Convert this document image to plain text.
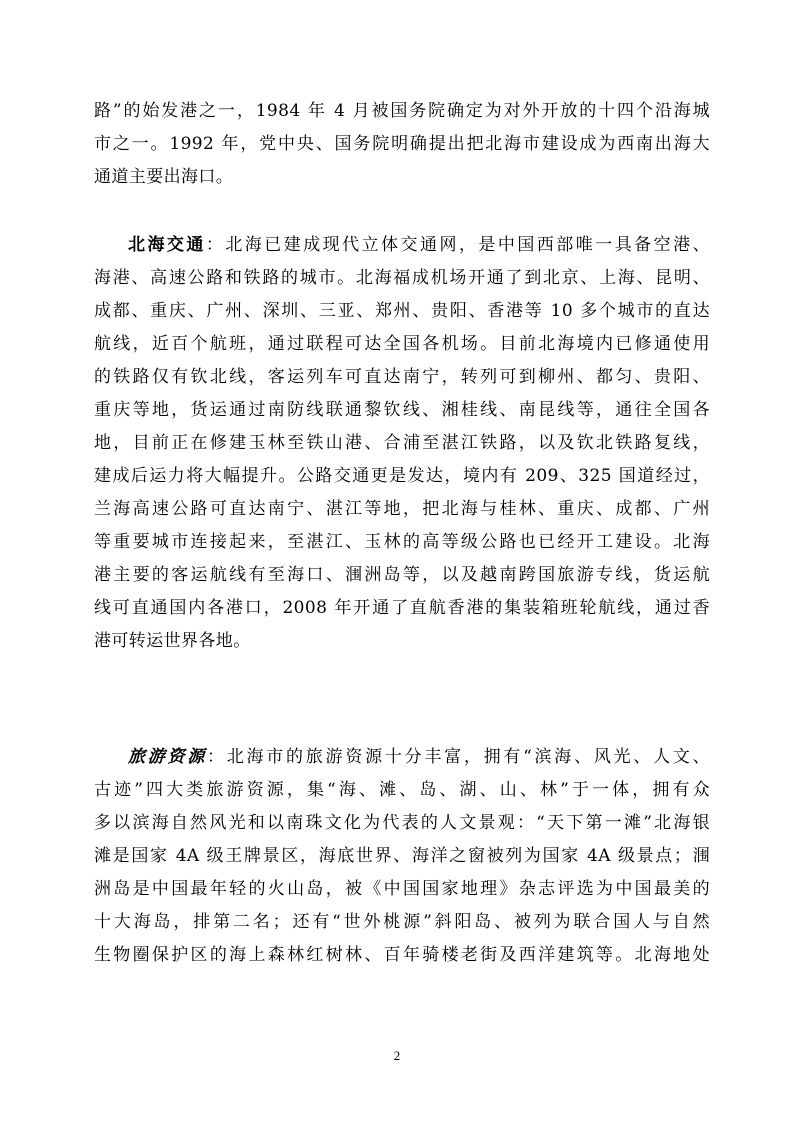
路”的始发港之一，1984 年 4 月被国务院确定为对外开放的十四个沿海城
市之一。1992 年，党中央、国务院明确提出把北海市建设成为西南出海大
通道主要出海口。
北海交通：北海已建成现代立体交通网，是中国西部唯一具备空港、
海港、高速公路和铁路的城市。北海福成机场开通了到北京、上海、昆明、
成都、重庆、广州、深圳、三亚、郑州、贵阳、香港等 10 多个城市的直达
航线，近百个航班，通过联程可达全国各机场。目前北海境内已修通使用
的铁路仅有钦北线，客运列车可直达南宁，转列可到柳州、都匀、贵阳、
重庆等地，货运通过南防线联通黎钦线、湘桂线、南昆线等，通往全国各
地，目前正在修建玉林至铁山港、合浦至湛江铁路，以及钦北铁路复线，
建成后运力将大幅提升。公路交通更是发达，境内有 209、325 国道经过，
兰海高速公路可直达南宁、湛江等地，把北海与桂林、重庆、成都、广州
等重要城市连接起来，至湛江、玉林的高等级公路也已经开工建设。北海
港主要的客运航线有至海口、涠洲岛等，以及越南跨国旅游专线，货运航
线可直通国内各港口，2008 年开通了直航香港的集装箱班轮航线，通过香
港可转运世界各地。
旅游资源：北海市的旅游资源十分丰富，拥有“滨海、风光、人文、
古迹”四大类旅游资源，集“海、滩、岛、湖、山、林”于一体，拥有众
多以滨海自然风光和以南珠文化为代表的人文景观：“天下第一滩”北海银
滩是国家 4A 级王牌景区，海底世界、海洋之窗被列为国家 4A 级景点；涠
洲岛是中国最年轻的火山岛，被《中国国家地理》杂志评选为中国最美的
十大海岛，排第二名；还有“世外桃源”斜阳岛、被列为联合国人与自然
生物圈保护区的海上森林红树林、百年骑楼老街及西洋建筑等。北海地处
2
